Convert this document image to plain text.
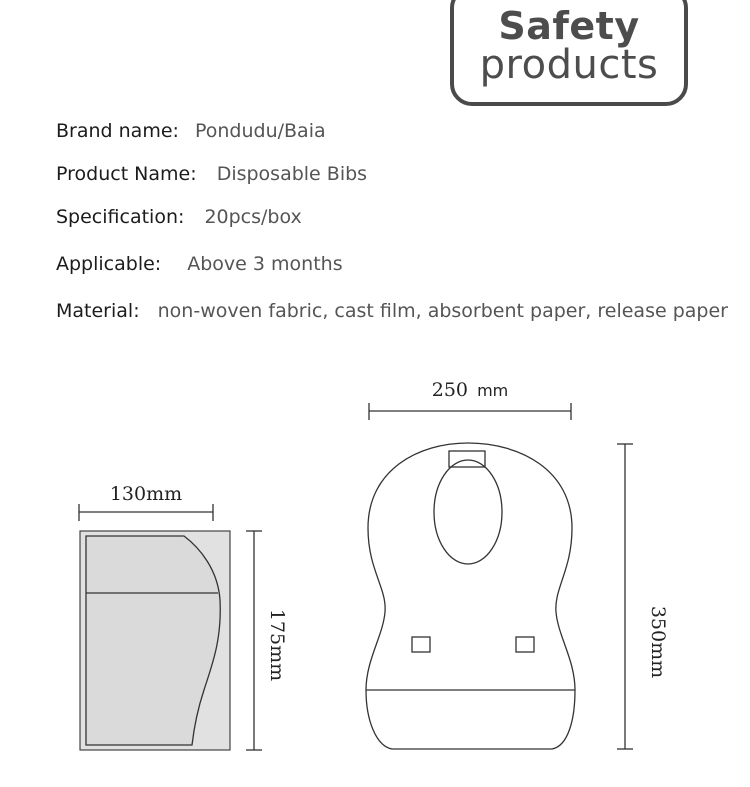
Safety
products
Brand name: Pondudu/Baia
Product Name: Disposable Bibs
Specification: 20pcs/box
Applicable: Above 3 months
Material: non-woven fabric, cast film, absorbent paper, release paper
130mm
175mm
250 mm
350mm
